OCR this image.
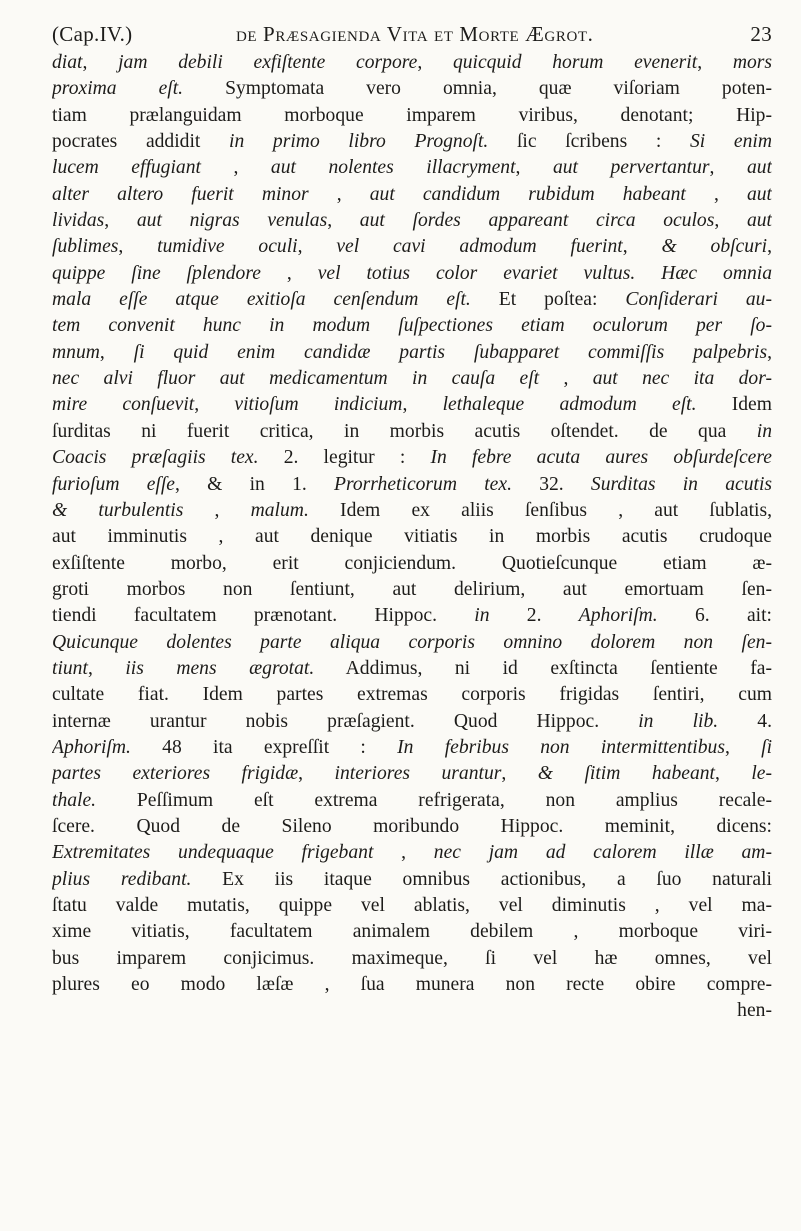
(Cap.IV.)	de Præsagienda Vita et Morte Ægrot.	23
diat, jam debili exfiſtente corpore, quicquid horum evenerit, mors
proxima eſt. Symptomata vero omnia, quæ viſoriam poten-
tiam prælanguidam morboque imparem viribus, denotant; Hip-
pocrates addidit in primo libro Prognoſt. ſic ſcribens : Si enim
lucem effugiant , aut nolentes illacryment, aut pervertantur, aut
alter altero fuerit minor , aut candidum rubidum habeant , aut
lividas, aut nigras venulas, aut ſordes appareant circa oculos, aut
ſublimes, tumidive oculi, vel cavi admodum fuerint, & obſcuri,
quippe ſine ſplendore , vel totius color evariet vultus. Hæc omnia
mala eſſe atque exitioſa cenſendum eſt. Et poſtea: Conſiderari au-
tem convenit hunc in modum ſuſpectiones etiam oculorum per ſo-
mnum, ſi quid enim candidæ partis ſubapparet commiſſis palpebris,
nec alvi fluor aut medicamentum in cauſa eſt , aut nec ita dor-
mire conſuevit, vitioſum indicium, lethaleque admodum eſt. Idem
ſurditas ni fuerit critica, in morbis acutis oſtendet. de qua in
Coacis præſagiis tex. 2. legitur : In febre acuta aures obſurdeſcere
furioſum eſſe, & in 1. Prorrheticorum tex. 32. Surditas in acutis
& turbulentis , malum. Idem ex aliis ſenſibus , aut ſublatis,
aut imminutis , aut denique vitiatis in morbis acutis crudoque
exſiſtente morbo, erit conjiciendum. Quotieſcunque etiam æ-
groti morbos non ſentiunt, aut delirium, aut emortuam ſen-
tiendi facultatem prænotant. Hippoc. in 2. Aphoriſm. 6. ait:
Quicunque dolentes parte aliqua corporis omnino dolorem non ſen-
tiunt, iis mens ægrotat. Addimus, ni id exſtincta ſentiente fa-
cultate fiat. Idem partes extremas corporis frigidas ſentiri, cum
internæ urantur nobis præſagient. Quod Hippoc. in lib. 4.
Aphoriſm. 48 ita expreſſit : In febribus non intermittentibus, ſi
partes exteriores frigidæ, interiores urantur, & ſitim habeant, le-
thale. Peſſimum eſt extrema refrigerata, non amplius recale-
ſcere. Quod de Sileno moribundo Hippoc. meminit, dicens:
Extremitates undequaque frigebant , nec jam ad calorem illæ am-
plius redibant. Ex iis itaque omnibus actionibus, a ſuo naturali
ſtatu valde mutatis, quippe vel ablatis, vel diminutis , vel ma-
xime vitiatis, facultatem animalem debilem , morboque viri-
bus imparem conjicimus. maximeque, ſi vel hæ omnes, vel
plures eo modo læſæ , ſua munera non recte obire compre-
hen-
